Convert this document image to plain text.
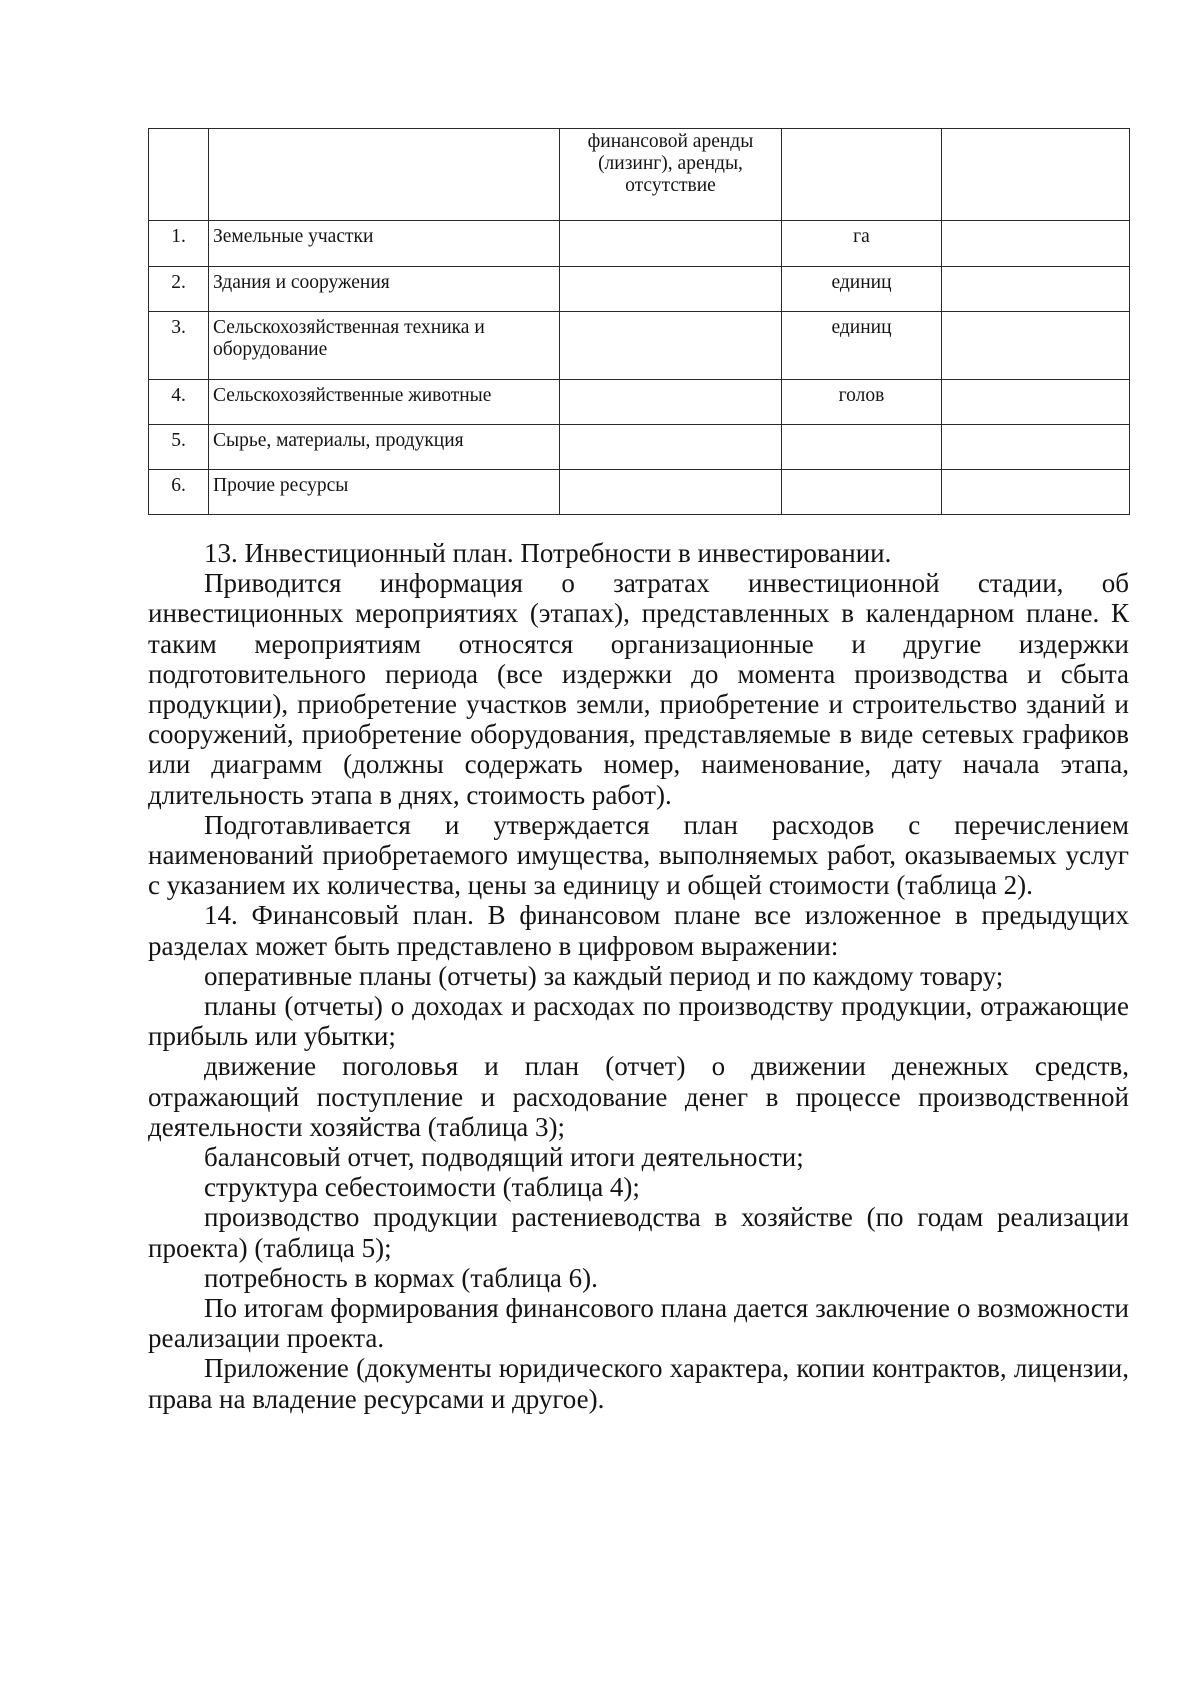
		финансовой аренды (лизинг), аренды, отсутствие		
1.	Земельные участки		га	
2.	Здания и сооружения		единиц	
3.	Сельскохозяйственная техника и оборудование		единиц	
4.	Сельскохозяйственные животные		голов	
5.	Сырье, материалы, продукция			
6.	Прочие ресурсы			

13. Инвестиционный план. Потребности в инвестировании.

Приводится информация о затратах инвестиционной стадии, об инвестиционных мероприятиях (этапах), представленных в календарном плане. К таким мероприятиям относятся организационные и другие издержки подготовительного периода (все издержки до момента производства и сбыта продукции), приобретение участков земли, приобретение и строительство зданий и сооружений, приобретение оборудования, представляемые в виде сетевых графиков или диаграмм (должны содержать номер, наименование, дату начала этапа, длительность этапа в днях, стоимость работ).

Подготавливается и утверждается план расходов с перечислением наименований приобретаемого имущества, выполняемых работ, оказываемых услуг с указанием их количества, цены за единицу и общей стоимости (таблица 2).

14. Финансовый план. В финансовом плане все изложенное в предыдущих разделах может быть представлено в цифровом выражении:

оперативные планы (отчеты) за каждый период и по каждому товару;

планы (отчеты) о доходах и расходах по производству продукции, отражающие прибыль или убытки;

движение поголовья и план (отчет) о движении денежных средств, отражающий поступление и расходование денег в процессе производственной деятельности хозяйства (таблица 3);

балансовый отчет, подводящий итоги деятельности;

структура себестоимости (таблица 4);

производство продукции растениеводства в хозяйстве (по годам реализации проекта) (таблица 5);

потребность в кормах (таблица 6).

По итогам формирования финансового плана дается заключение о возможности реализации проекта.

Приложение (документы юридического характера, копии контрактов, лицензии, права на владение ресурсами и другое).
